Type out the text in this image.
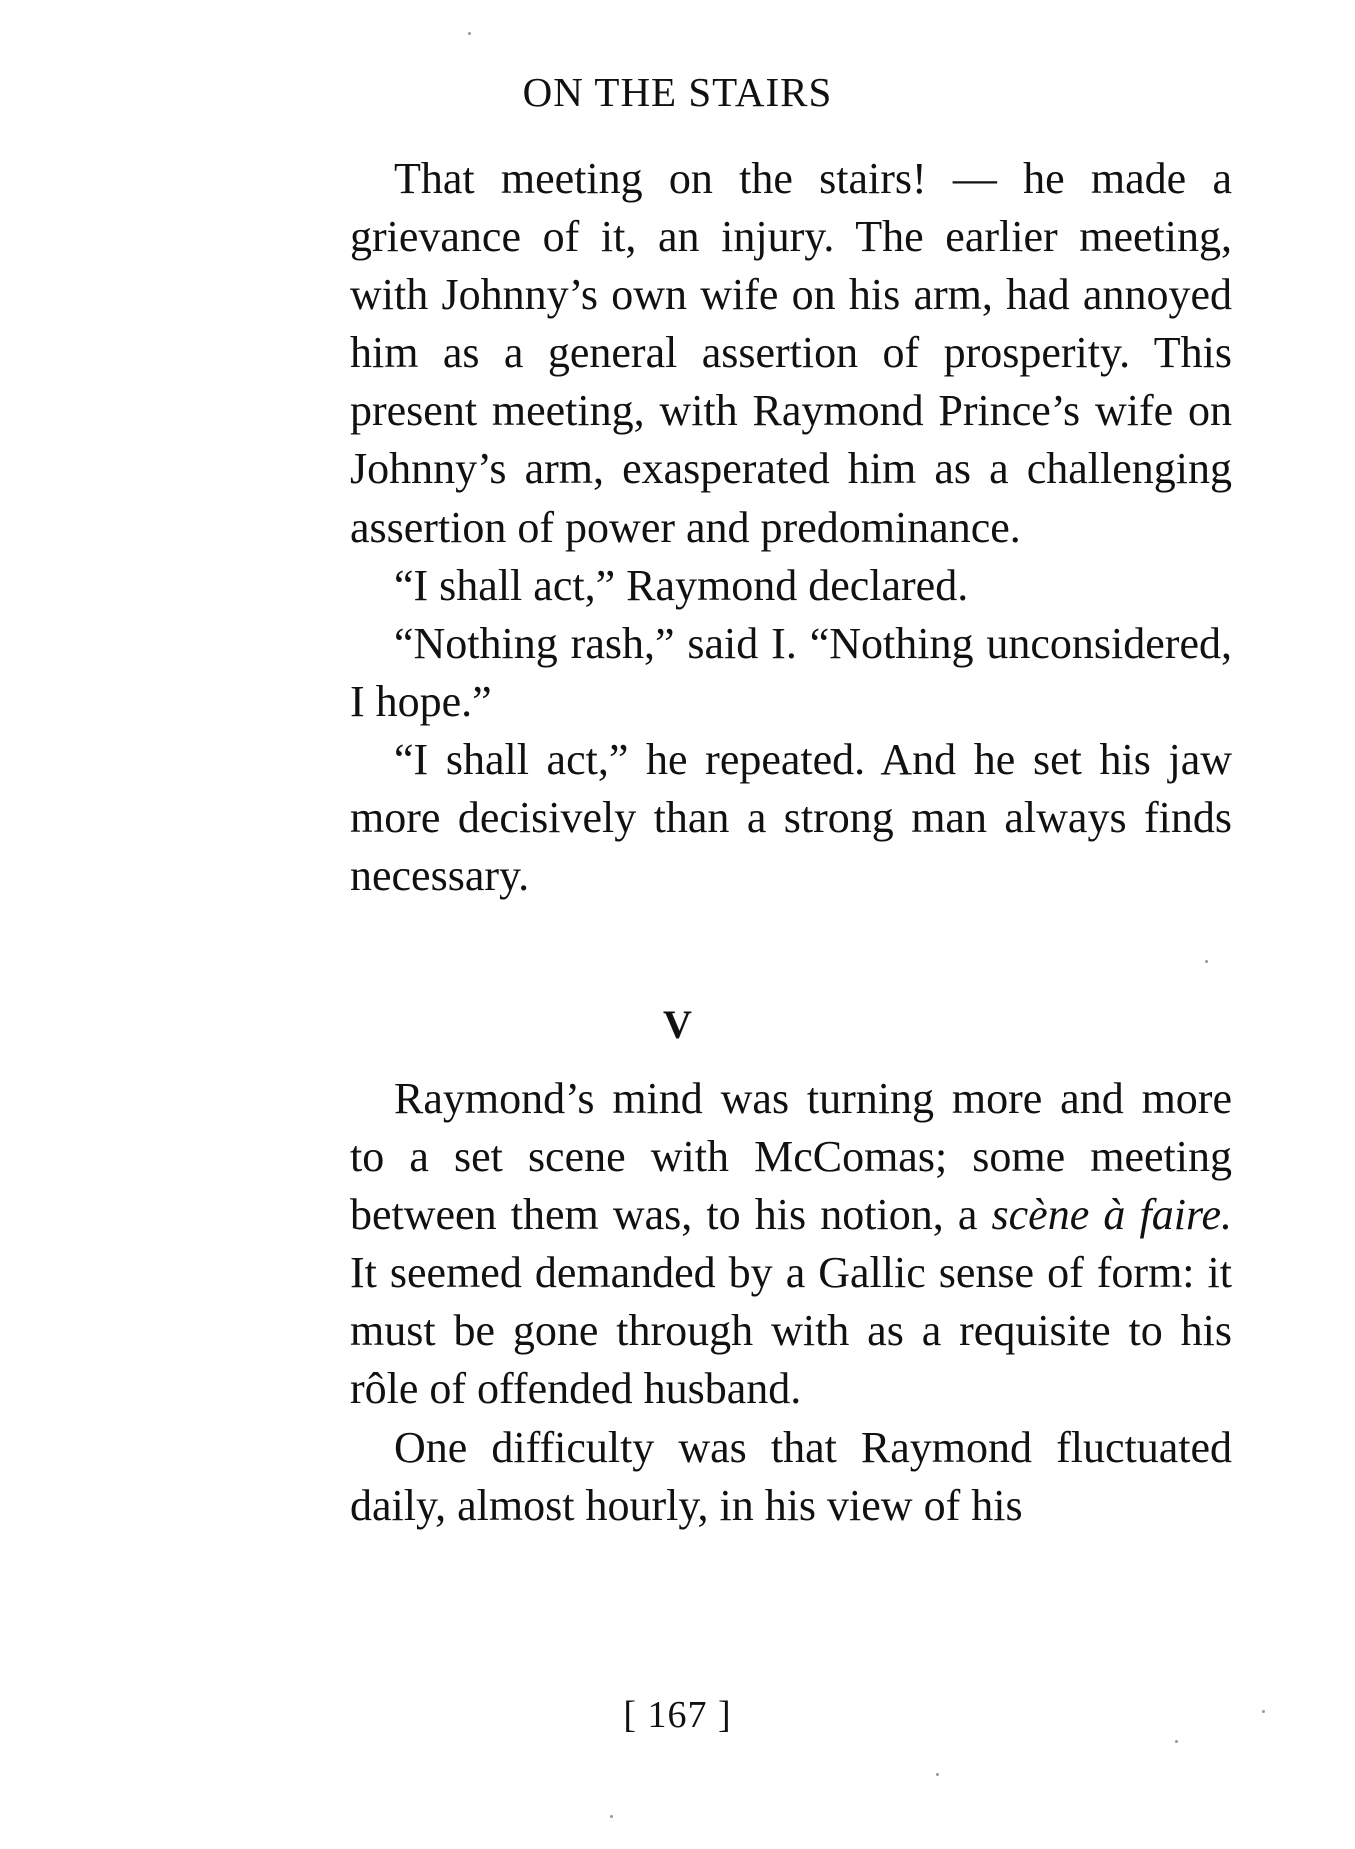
ON THE STAIRS

That meeting on the stairs! — he made a grievance of it, an injury. The earlier meeting, with Johnny’s own wife on his arm, had annoyed him as a general assertion of prosperity. This present meeting, with Raymond Prince’s wife on Johnny’s arm, exasperated him as a challenging assertion of power and predominance.

“I shall act,” Raymond declared.

“Nothing rash,” said I. “Nothing unconsidered, I hope.”

“I shall act,” he repeated. And he set his jaw more decisively than a strong man always finds necessary.

V

Raymond’s mind was turning more and more to a set scene with McComas; some meeting between them was, to his notion, a scène à faire. It seemed demanded by a Gallic sense of form: it must be gone through with as a requisite to his rôle of offended husband.

One difficulty was that Raymond fluctuated daily, almost hourly, in his view of his

[ 167 ]
